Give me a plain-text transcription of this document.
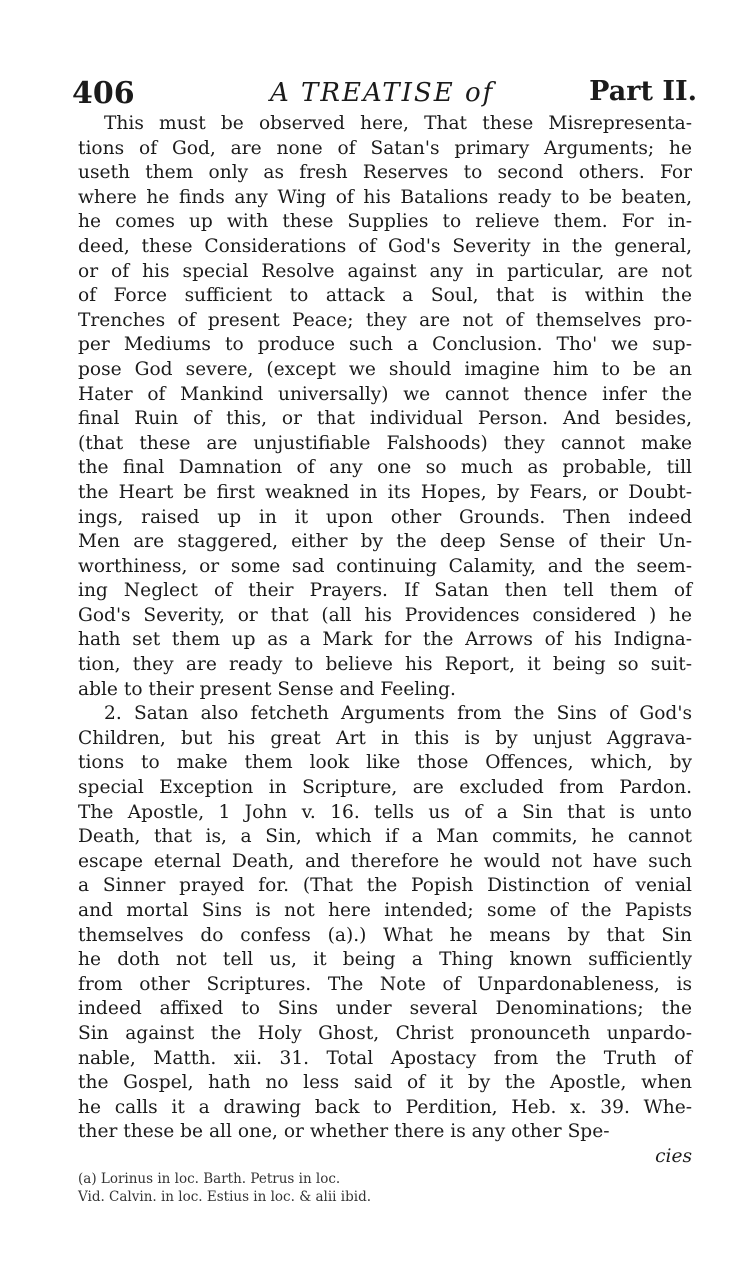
406	A TREATISE of	Part II.
This must be observed here, That these Misrepresenta-
tions of God, are none of Satan's primary Arguments; he
useth them only as fresh Reserves to second others. For
where he finds any Wing of his Batalions ready to be beaten,
he comes up with these Supplies to relieve them. For in-
deed, these Considerations of God's Severity in the general,
or of his special Resolve against any in particular, are not
of Force sufficient to attack a Soul, that is within the
Trenches of present Peace; they are not of themselves pro-
per Mediums to produce such a Conclusion. Tho' we sup-
pose God severe, (except we should imagine him to be an
Hater of Mankind universally) we cannot thence infer the
final Ruin of this, or that individual Person. And besides,
(that these are unjustifiable Falshoods) they cannot make
the final Damnation of any one so much as probable, till
the Heart be first weakned in its Hopes, by Fears, or Doubt-
ings, raised up in it upon other Grounds. Then indeed
Men are staggered, either by the deep Sense of their Un-
worthiness, or some sad continuing Calamity, and the seem-
ing Neglect of their Prayers. If Satan then tell them of
God's Severity, or that (all his Providences considered ) he
hath set them up as a Mark for the Arrows of his Indigna-
tion, they are ready to believe his Report, it being so suit-
able to their present Sense and Feeling.
2. Satan also fetcheth Arguments from the Sins of God's
Children, but his great Art in this is by unjust Aggrava-
tions to make them look like those Offences, which, by
special Exception in Scripture, are excluded from Pardon.
The Apostle, 1 John v. 16. tells us of a Sin that is unto
Death, that is, a Sin, which if a Man commits, he cannot
escape eternal Death, and therefore he would not have such
a Sinner prayed for. (That the Popish Distinction of venial
and mortal Sins is not here intended; some of the Papists
themselves do confess (a).) What he means by that Sin
he doth not tell us, it being a Thing known sufficiently
from other Scriptures. The Note of Unpardonableness, is
indeed affixed to Sins under several Denominations; the
Sin against the Holy Ghost, Christ pronounceth unpardo-
nable, Matth. xii. 31. Total Apostacy from the Truth of
the Gospel, hath no less said of it by the Apostle, when
he calls it a drawing back to Perdition, Heb. x. 39. Whe-
ther these be all one, or whether there is any other Spe-
cies
(a) Lorinus in loc. Barth. Petrus in loc.
Vid. Calvin. in loc. Estius in loc. & alii ibid.
